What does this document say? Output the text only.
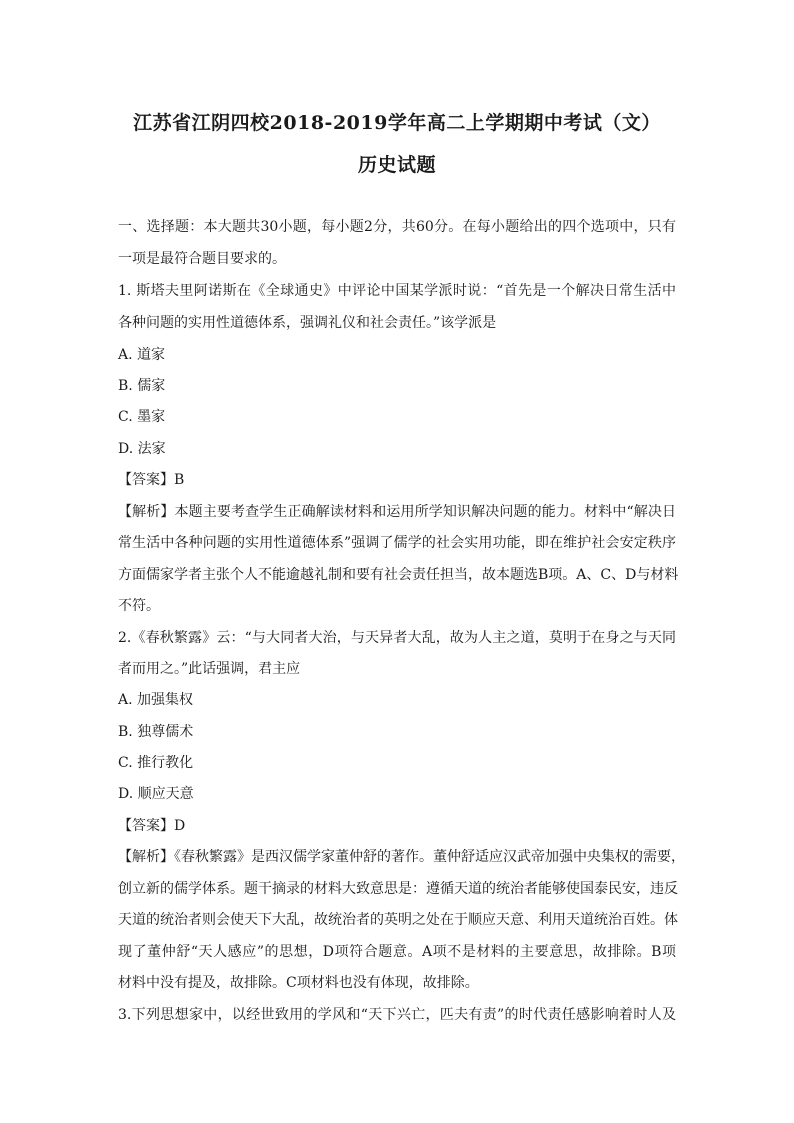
江苏省江阴四校2018-2019学年高二上学期期中考试（文）
历史试题
一、选择题：本大题共30小题，每小题2分，共60分。在每小题给出的四个选项中，只有
一项是最符合题目要求的。
1. 斯塔夫里阿诺斯在《全球通史》中评论中国某学派时说：“首先是一个解决日常生活中
各种问题的实用性道德体系，强调礼仪和社会责任。”该学派是
A. 道家
B. 儒家
C. 墨家
D. 法家
【答案】B
【解析】本题主要考查学生正确解读材料和运用所学知识解决问题的能力。材料中“解决日
常生活中各种问题的实用性道德体系”强调了儒学的社会实用功能，即在维护社会安定秩序
方面儒家学者主张个人不能逾越礼制和要有社会责任担当，故本题选B项。A、C、D与材料
不符。
2.《春秋繁露》云：“与大同者大治，与天异者大乱，故为人主之道，莫明于在身之与天同
者而用之。”此话强调，君主应
A. 加强集权
B. 独尊儒术
C. 推行教化
D. 顺应天意
【答案】D
【解析】《春秋繁露》是西汉儒学家董仲舒的著作。董仲舒适应汉武帝加强中央集权的需要，
创立新的儒学体系。题干摘录的材料大致意思是：遵循天道的统治者能够使国泰民安，违反
天道的统治者则会使天下大乱，故统治者的英明之处在于顺应天意、利用天道统治百姓。体
现了董仲舒“天人感应”的思想，D项符合题意。A项不是材料的主要意思，故排除。B项
材料中没有提及，故排除。C项材料也没有体现，故排除。
3.下列思想家中，以经世致用的学风和“天下兴亡，匹夫有责”的时代责任感影响着时人及
